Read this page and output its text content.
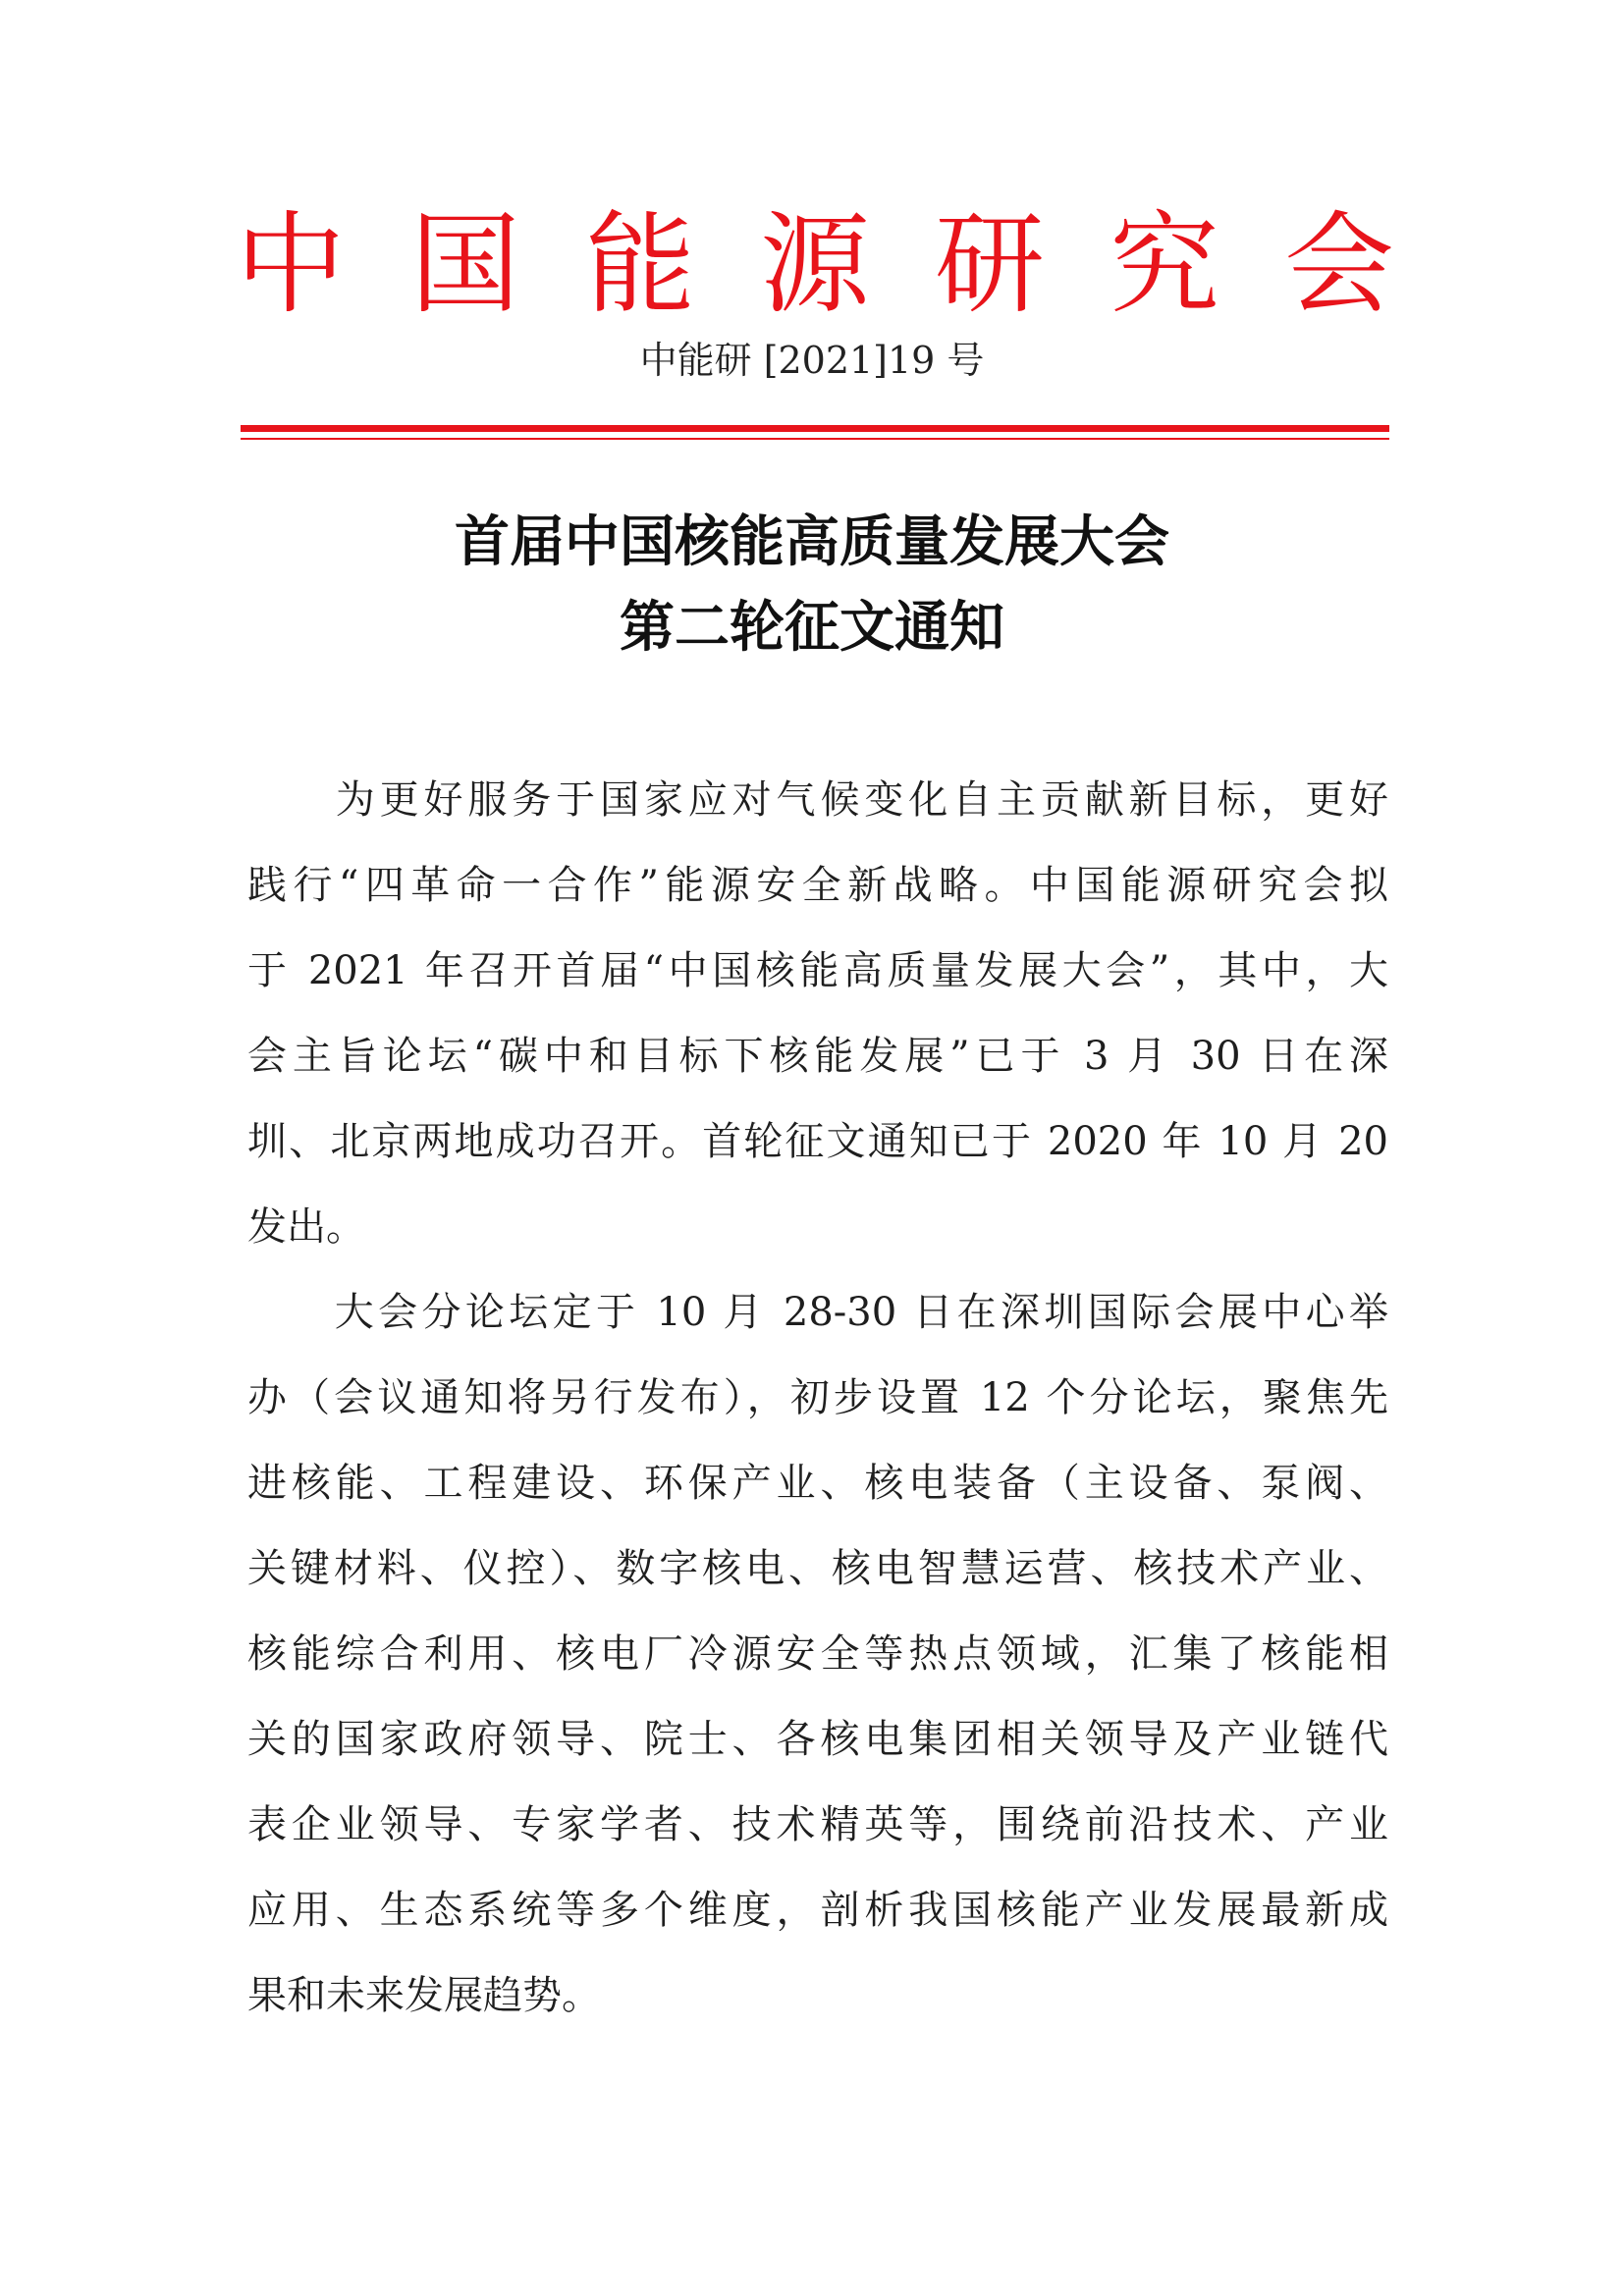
中 国 能 源 研 究 会
中能研 [2021]19 号
首届中国核能高质量发展大会
第二轮征文通知
　　为更好服务于国家应对气候变化自主贡献新目标，更好
践行“四革命一合作”能源安全新战略。中国能源研究会拟
于 2021 年召开首届“中国核能高质量发展大会”，其中，大
会主旨论坛“碳中和目标下核能发展”已于 3 月 30 日在深
圳、北京两地成功召开。首轮征文通知已于 2020 年 10 月 20
发出。
　　大会分论坛定于 10 月 28-30 日在深圳国际会展中心举
办（会议通知将另行发布），初步设置 12 个分论坛，聚焦先
进核能、工程建设、环保产业、核电装备（主设备、泵阀、
关键材料、仪控）、数字核电、核电智慧运营、核技术产业、
核能综合利用、核电厂冷源安全等热点领域，汇集了核能相
关的国家政府领导、院士、各核电集团相关领导及产业链代
表企业领导、专家学者、技术精英等，围绕前沿技术、产业
应用、生态系统等多个维度，剖析我国核能产业发展最新成
果和未来发展趋势。
